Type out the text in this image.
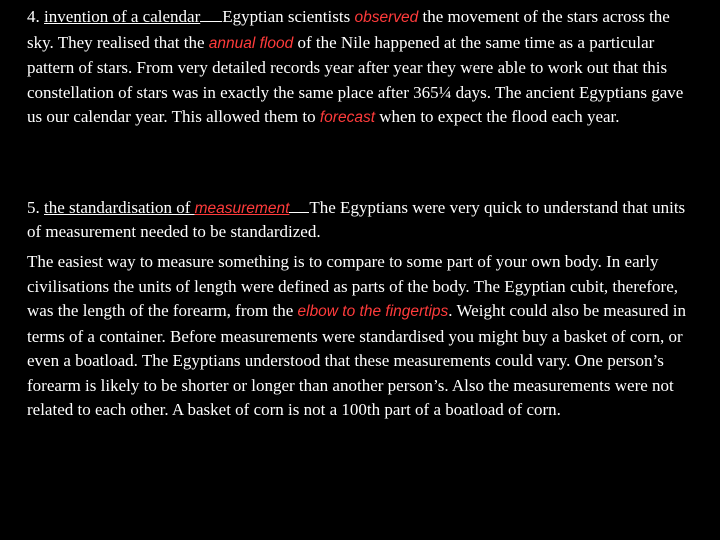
4. invention of a calendar Egyptian scientists observed the movement of the stars across the sky. They realised that the annual flood of the Nile happened at the same time as a particular pattern of stars. From very detailed records year after year they were able to work out that this constellation of stars was in exactly the same place after 365¼ days. The ancient Egyptians gave us our calendar year. This allowed them to forecast when to expect the flood each year.

5. the standardisation of measurement The Egyptians were very quick to understand that units of measurement needed to be standardized.

The easiest way to measure something is to compare to some part of your own body. In early civilisations the units of length were defined as parts of the body. The Egyptian cubit, therefore, was the length of the forearm, from the elbow to the fingertips. Weight could also be measured in terms of a container. Before measurements were standardised you might buy a basket of corn, or even a boatload. The Egyptians understood that these measurements could vary. One person’s forearm is likely to be shorter or longer than another person’s. Also the measurements were not related to each other. A basket of corn is not a 100th part of a boatload of corn.
